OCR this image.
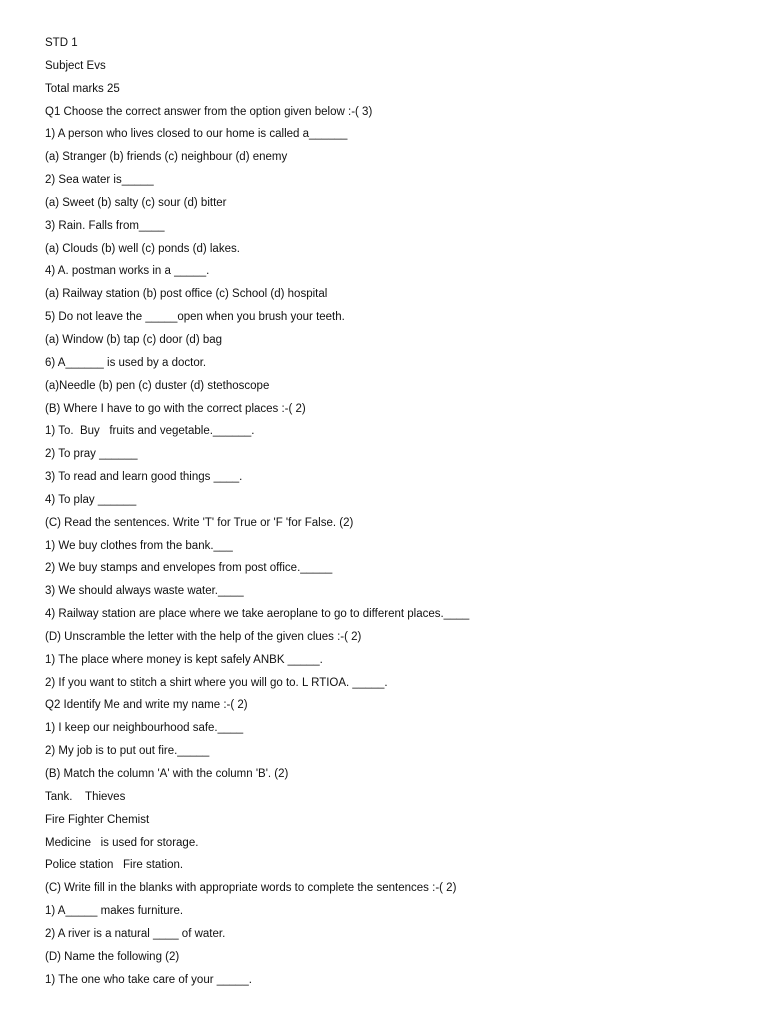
STD 1
Subject Evs
Total marks 25
Q1 Choose the correct answer from the option given below :-( 3)
1) A person who lives closed to our home is called a______
(a) Stranger (b) friends (c) neighbour (d) enemy
2) Sea water is_____
(a) Sweet (b) salty (c) sour (d) bitter
3) Rain. Falls from____
(a) Clouds (b) well (c) ponds (d) lakes.
4) A. postman works in a _____.
(a) Railway station (b) post office (c) School (d) hospital
5) Do not leave the _____open when you brush your teeth.
(a) Window (b) tap (c) door (d) bag
6) A______ is used by a doctor.
(a)Needle (b) pen (c) duster (d) stethoscope
(B) Where I have to go with the correct places :-( 2)
1) To.  Buy   fruits and vegetable.______.
2) To pray ______
3) To read and learn good things ____.
4) To play ______
(C) Read the sentences. Write 'T' for True or 'F 'for False. (2)
1) We buy clothes from the bank.___
2) We buy stamps and envelopes from post office._____
3) We should always waste water.____
4) Railway station are place where we take aeroplane to go to different places.____
(D) Unscramble the letter with the help of the given clues :-( 2)
1) The place where money is kept safely ANBK _____.
2) If you want to stitch a shirt where you will go to. L RTIOA. _____.
Q2 Identify Me and write my name :-( 2)
1) I keep our neighbourhood safe.____
2) My job is to put out fire._____
(B) Match the column 'A' with the column 'B'. (2)
Tank.    Thieves
Fire Fighter Chemist
Medicine   is used for storage.
Police station   Fire station.
(C) Write fill in the blanks with appropriate words to complete the sentences :-( 2)
1) A_____ makes furniture.
2) A river is a natural ____ of water.
(D) Name the following (2)
1) The one who take care of your _____.
